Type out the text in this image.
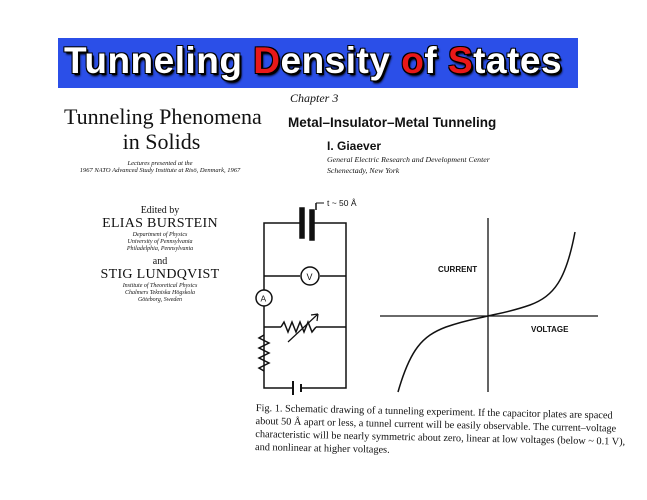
Tunneling Density of States
Tunneling Phenomena
in Solids
Lectures presented at the
1967 NATO Advanced Study Institute at Risö, Denmark, 1967
Edited by
ELIAS BURSTEIN
Department of Physics
University of Pennsylvania
Philadelphia, Pennsylvania
and
STIG LUNDQVIST
Institute of Theoretical Physics
Chalmers Tekniska Högskola
Göteborg, Sweden
Chapter 3
Metal–Insulator–Metal Tunneling
I. Giaever
General Electric Research and Development Center
Schenectady, New York
t ~ 50 Å
V
A
CURRENT
VOLTAGE
Fig. 1. Schematic drawing of a tunneling experiment. If the capacitor plates are spaced about 50 Å apart or less, a tunnel current will be easily observable. The current–voltage characteristic will be nearly symmetric about zero, linear at low voltages (below ~ 0.1 V), and nonlinear at higher voltages.
